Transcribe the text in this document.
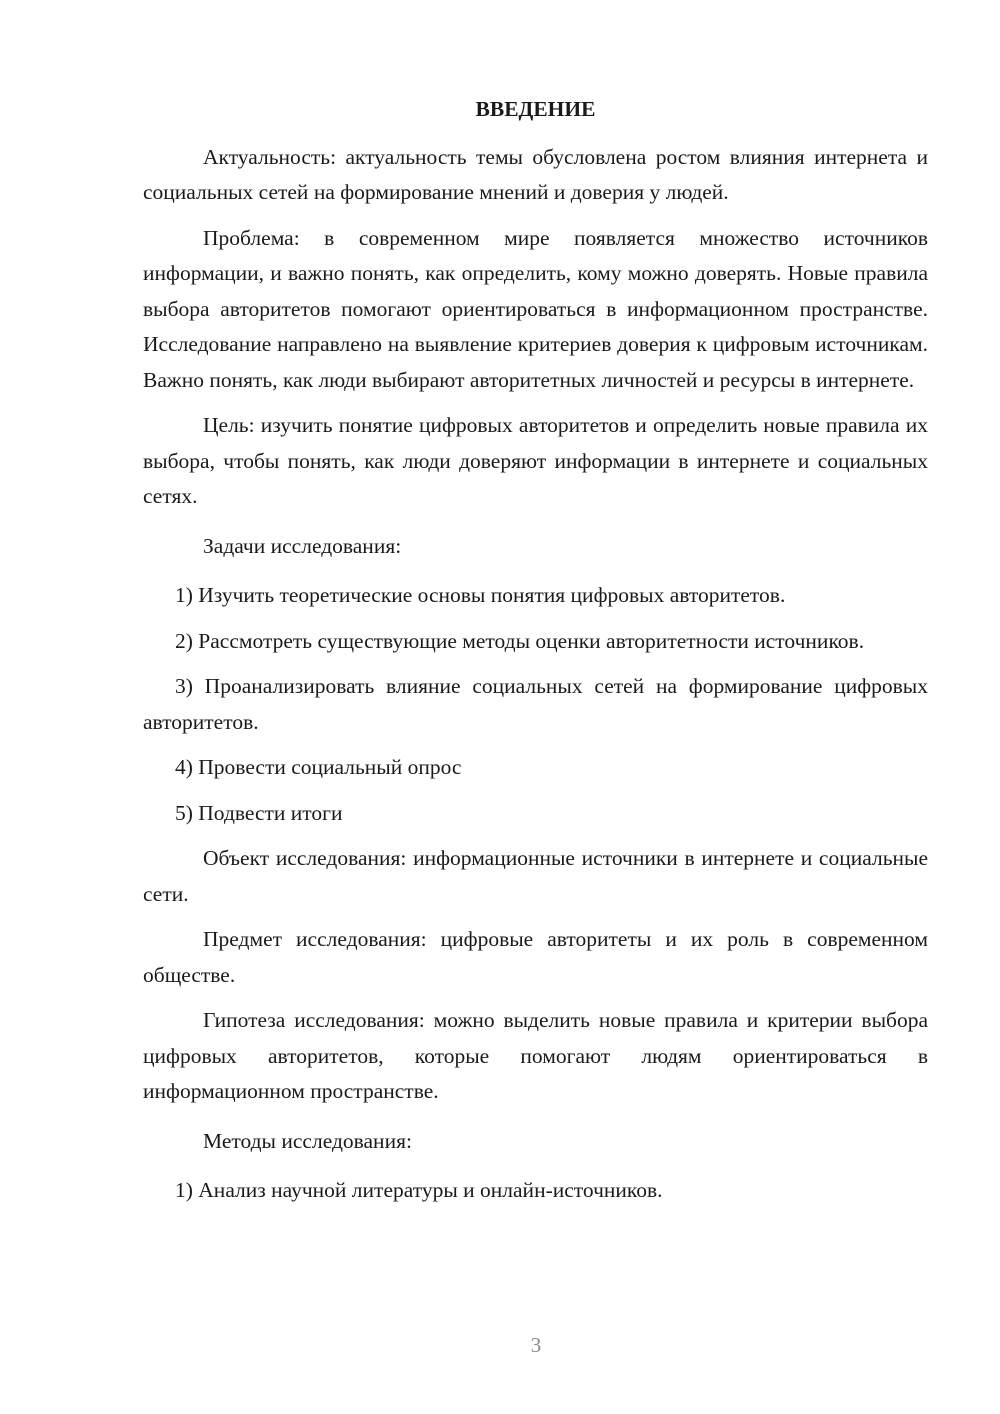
ВВЕДЕНИЕ

Актуальность: актуальность темы обусловлена ростом влияния интернета и социальных сетей на формирование мнений и доверия у людей.

Проблема: в современном мире появляется множество источников информации, и важно понять, как определить, кому можно доверять. Новые правила выбора авторитетов помогают ориентироваться в информационном пространстве. Исследование направлено на выявление критериев доверия к цифровым источникам. Важно понять, как люди выбирают авторитетных личностей и ресурсы в интернете.

Цель: изучить понятие цифровых авторитетов и определить новые правила их выбора, чтобы понять, как люди доверяют информации в интернете и социальных сетях.

Задачи исследования:

1) Изучить теоретические основы понятия цифровых авторитетов.

2) Рассмотреть существующие методы оценки авторитетности источников.

3) Проанализировать влияние социальных сетей на формирование цифровых авторитетов.

4) Провести социальный опрос

5) Подвести итоги

Объект исследования: информационные источники в интернете и социальные сети.

Предмет исследования: цифровые авторитеты и их роль в современном обществе.

Гипотеза исследования: можно выделить новые правила и критерии выбора цифровых авторитетов, которые помогают людям ориентироваться в информационном пространстве.

Методы исследования:

1) Анализ научной литературы и онлайн-источников.

3
